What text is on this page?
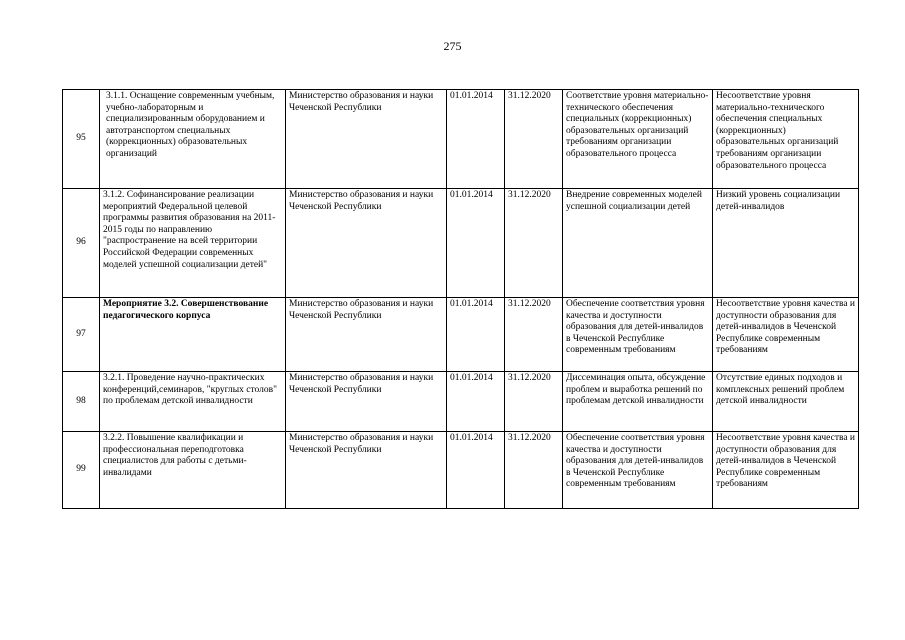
275
95	3.1.1. Оснащение современным учебным, учебно-лабораторным и специализированным оборудованием и автотранспортом специальных (коррекционных) образовательных организаций	Министерство образования и науки Чеченской Республики	01.01.2014	31.12.2020	Соответствие уровня материально-технического обеспечения специальных (коррекционных) образовательных организаций требованиям организации образовательного процесса	Несоответствие уровня материально-технического обеспечения специальных (коррекционных) образовательных организаций требованиям организации образовательного процесса
96	3.1.2. Софинансирование реализации мероприятий Федеральной целевой программы развития образования на 2011-2015 годы по направлению "распространение на всей территории Российской Федерации современных моделей успешной социализации детей"	Министерство образования и науки Чеченской Республики	01.01.2014	31.12.2020	Внедрение современных моделей успешной социализации детей	Низкий уровень социализации детей-инвалидов
97	Мероприятие 3.2. Совершенствование педагогического корпуса	Министерство образования и науки Чеченской Республики	01.01.2014	31.12.2020	Обеспечение соответствия уровня качества и доступности образования для детей-инвалидов в Чеченской Республике современным требованиям	Несоответствие уровня качества и доступности образования для детей-инвалидов в Чеченской Республике современным требованиям
98	3.2.1. Проведение научно-практических конференций,семинаров, "круглых столов" по проблемам детской инвалидности	Министерство образования и науки Чеченской Республики	01.01.2014	31.12.2020	Диссеминация опыта, обсуждение проблем и выработка решений по проблемам детской инвалидности	Отсутствие единых подходов и комплексных решений проблем детской инвалидности
99	3.2.2. Повышение квалификации и профессиональная переподготовка специалистов для работы с детьми-инвалидами	Министерство образования и науки Чеченской Республики	01.01.2014	31.12.2020	Обеспечение соответствия уровня качества и доступности образования для детей-инвалидов в Чеченской Республике современным требованиям	Несоответствие уровня качества и доступности образования для детей-инвалидов в Чеченской Республике современным требованиям
